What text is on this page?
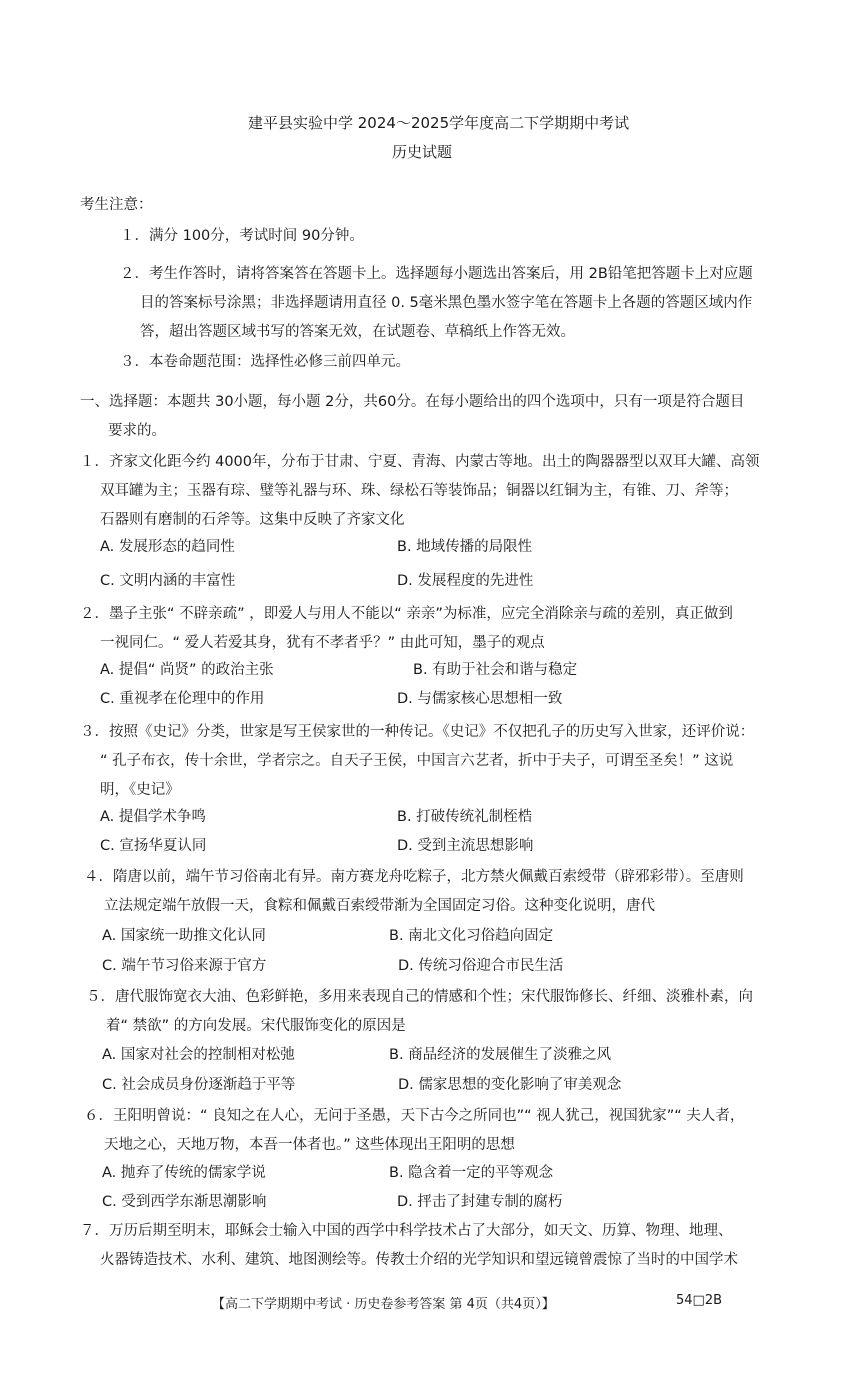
建平县实验中学 2024～2025学年度高二下学期期中考试
历史试题
考生注意：
１．满分 100分，考试时间 90分钟。
２．考生作答时，请将答案答在答题卡上。选择题每小题选出答案后，用 2B铅笔把答题卡上对应题
目的答案标号涂黑；非选择题请用直径 0. 5毫米黑色墨水签字笔在答题卡上各题的答题区域内作
答，超出答题区域书写的答案无效，在试题卷、草稿纸上作答无效。
３．本卷命题范围：选择性必修三前四单元。
一、选择题：本题共 30小题，每小题 2分，共60分。在每小题给出的四个选项中，只有一项是符合题目
要求的。
１．齐家文化距今约 4000年，分布于甘肃、宁夏、青海、内蒙古等地。出土的陶器器型以双耳大罐、高领
双耳罐为主；玉器有琮、璧等礼器与环、珠、绿松石等装饰品；铜器以红铜为主，有锥、刀、斧等；
石器则有磨制的石斧等。这集中反映了齐家文化
A. 发展形态的趋同性	B. 地域传播的局限性
C. 文明内涵的丰富性	D. 发展程度的先进性
２．墨子主张“ 不辟亲疏” ，即爱人与用人不能以“ 亲亲”为标准，应完全消除亲与疏的差别，真正做到
一视同仁。“ 爱人若爱其身，犹有不孝者乎？” 由此可知，墨子的观点
A. 提倡“ 尚贤” 的政治主张	B. 有助于社会和谐与稳定
C. 重视孝在伦理中的作用	D. 与儒家核心思想相一致
３．按照《史记》分类，世家是写王侯家世的一种传记。《史记》不仅把孔子的历史写入世家，还评价说：
“ 孔子布衣，传十余世，学者宗之。自天子王侯，中国言六艺者，折中于夫子，可谓至圣矣！” 这说
明，《史记》
A. 提倡学术争鸣	B. 打破传统礼制桎梏
C. 宣扬华夏认同	D. 受到主流思想影响
４．隋唐以前，端午节习俗南北有异。南方赛龙舟吃粽子，北方禁火佩戴百索绶带（辟邪彩带）。至唐则
立法规定端午放假一天，食粽和佩戴百索绶带渐为全国固定习俗。这种变化说明，唐代
A. 国家统一助推文化认同	B. 南北文化习俗趋向固定
C. 端午节习俗来源于官方	D. 传统习俗迎合市民生活
５．唐代服饰宽衣大油、色彩鲜艳，多用来表现自己的情感和个性；宋代服饰修长、纤细、淡雅朴素，向
着“ 禁欲” 的方向发展。宋代服饰变化的原因是
A. 国家对社会的控制相对松弛	B. 商品经济的发展催生了淡雅之风
C. 社会成员身份逐渐趋于平等	D. 儒家思想的变化影响了审美观念
６．王阳明曾说：“ 良知之在人心，无问于圣愚，天下古今之所同也”“ 视人犹己，视国犹家”“ 夫人者，
天地之心，天地万物，本吾一体者也。” 这些体现出王阳明的思想
A. 抛弃了传统的儒家学说	B. 隐含着一定的平等观念
C. 受到西学东渐思潮影响	D. 抨击了封建专制的腐朽
７．万历后期至明末，耶稣会士输入中国的西学中科学技术占了大部分，如天文、历算、物理、地理、
火器铸造技术、水利、建筑、地图测绘等。传教士介绍的光学知识和望远镜曾震惊了当时的中国学术
【高二下学期期中考试 · 历史卷参考答案 第 4页（共4页）】	54□2B
